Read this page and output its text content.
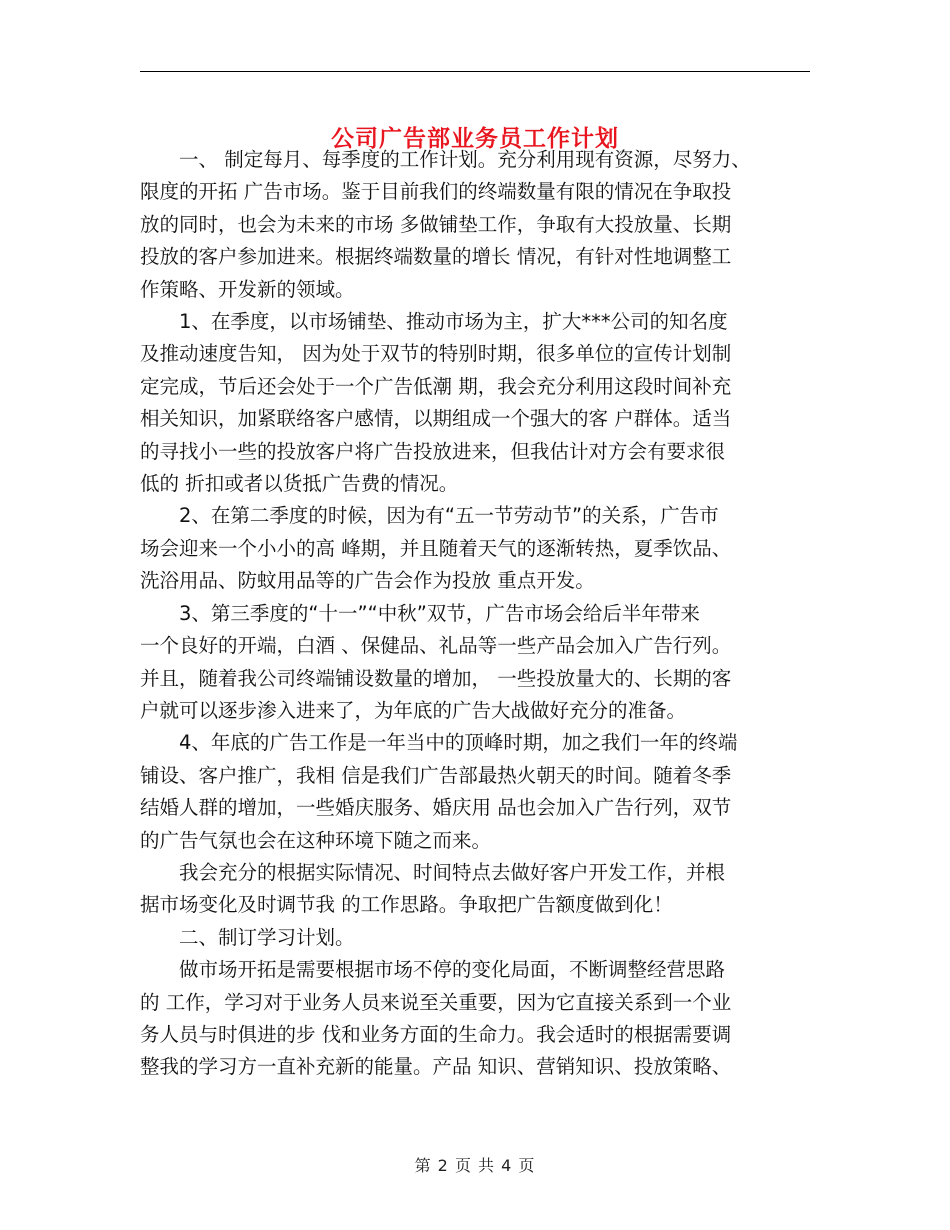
公司广告部业务员工作计划

一、 制定每月、每季度的工作计划。充分利用现有资源，尽努力、
限度的开拓 广告市场。鉴于目前我们的终端数量有限的情况在争取投
放的同时，也会为未来的市场 多做铺垫工作，争取有大投放量、长期
投放的客户参加进来。根据终端数量的增长 情况，有针对性地调整工
作策略、开发新的领域。

1、在季度，以市场铺垫、推动市场为主，扩大***公司的知名度
及推动速度告知， 因为处于双节的特别时期，很多单位的宣传计划制
定完成，节后还会处于一个广告低潮 期，我会充分利用这段时间补充
相关知识，加紧联络客户感情，以期组成一个强大的客 户群体。适当
的寻找小一些的投放客户将广告投放进来，但我估计对方会有要求很
低的 折扣或者以货抵广告费的情况。

2、在第二季度的时候，因为有“五一节劳动节”的关系，广告市
场会迎来一个小小的高 峰期，并且随着天气的逐渐转热，夏季饮品、
洗浴用品、防蚊用品等的广告会作为投放 重点开发。

3、第三季度的“十一”“中秋”双节，广告市场会给后半年带来
一个良好的开端，白酒 、保健品、礼品等一些产品会加入广告行列。
并且，随着我公司终端铺设数量的增加， 一些投放量大的、长期的客
户就可以逐步渗入进来了，为年底的广告大战做好充分的准备。

4、年底的广告工作是一年当中的顶峰时期，加之我们一年的终端
铺设、客户推广，我相 信是我们广告部最热火朝天的时间。随着冬季
结婚人群的增加，一些婚庆服务、婚庆用 品也会加入广告行列，双节
的广告气氛也会在这种环境下随之而来。

我会充分的根据实际情况、时间特点去做好客户开发工作，并根
据市场变化及时调节我 的工作思路。争取把广告额度做到化！

二、制订学习计划。

做市场开拓是需要根据市场不停的变化局面，不断调整经营思路
的 工作，学习对于业务人员来说至关重要，因为它直接关系到一个业
务人员与时俱进的步 伐和业务方面的生命力。我会适时的根据需要调
整我的学习方一直补充新的能量。产品 知识、营销知识、投放策略、

第 2 页 共 4 页
